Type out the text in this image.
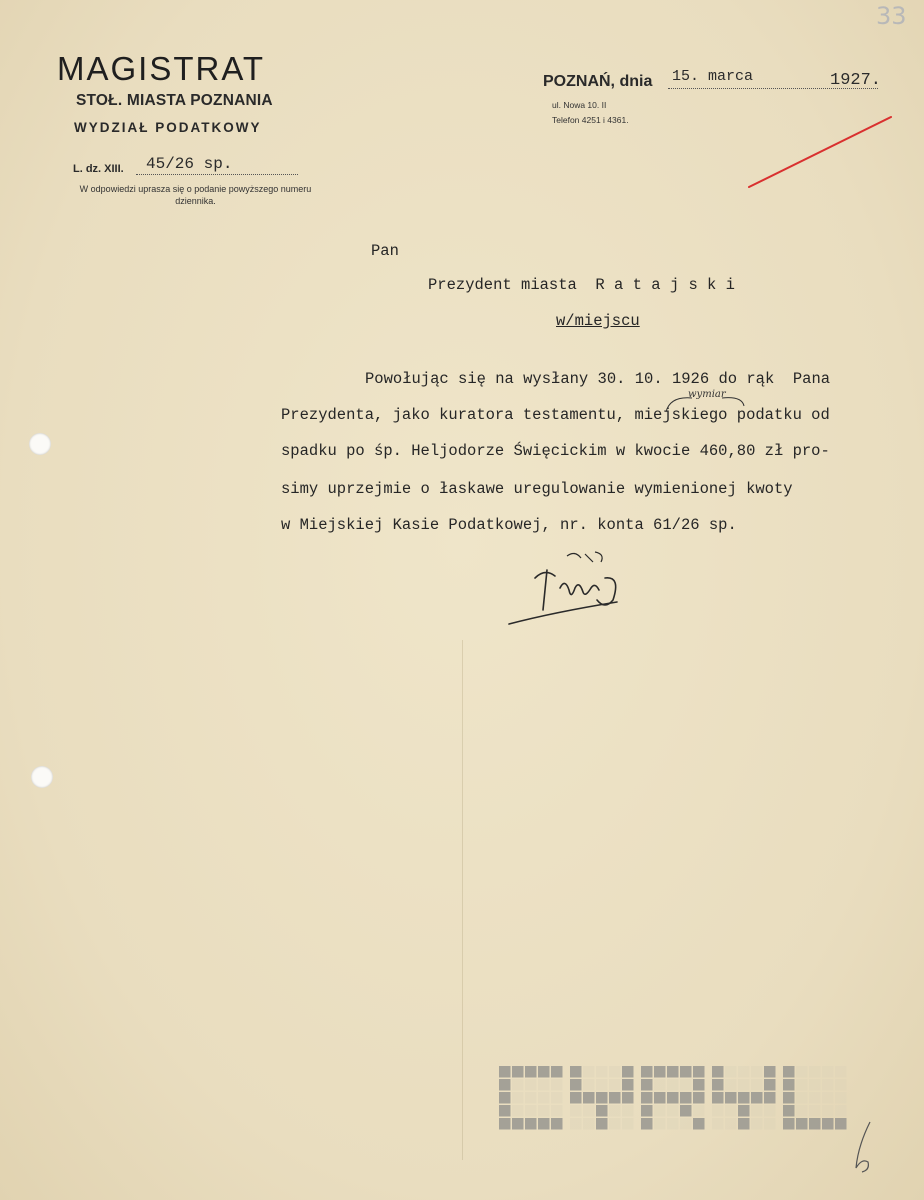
33
MAGISTRAT
STOŁ. MIASTA POZNANIA
WYDZIAŁ PODATKOWY
L. dz. XIII. 45/26 sp.
W odpowiedzi uprasza się o podanie powyższego numeru dziennika.
POZNAŃ, dnia 15. marca	1927.
ul. Nowa 10. II
Telefon 4251 i 4361.
Pan
Prezydent miasta  R a t a j s k i
w/miejscu
Powołując się na wysłany 30. 10. 1926 do rąk  Pana
Prezydenta, jako kuratora testamentu, miejskiego podatku od
spadku po śp. Heljodorze Święcickim w kwocie 460,80 zł pro-
simy uprzejmie o łaskawe uregulowanie wymienionej kwoty
w Miejskiej Kasie Podatkowej, nr. konta 61/26 sp.
wymiar
